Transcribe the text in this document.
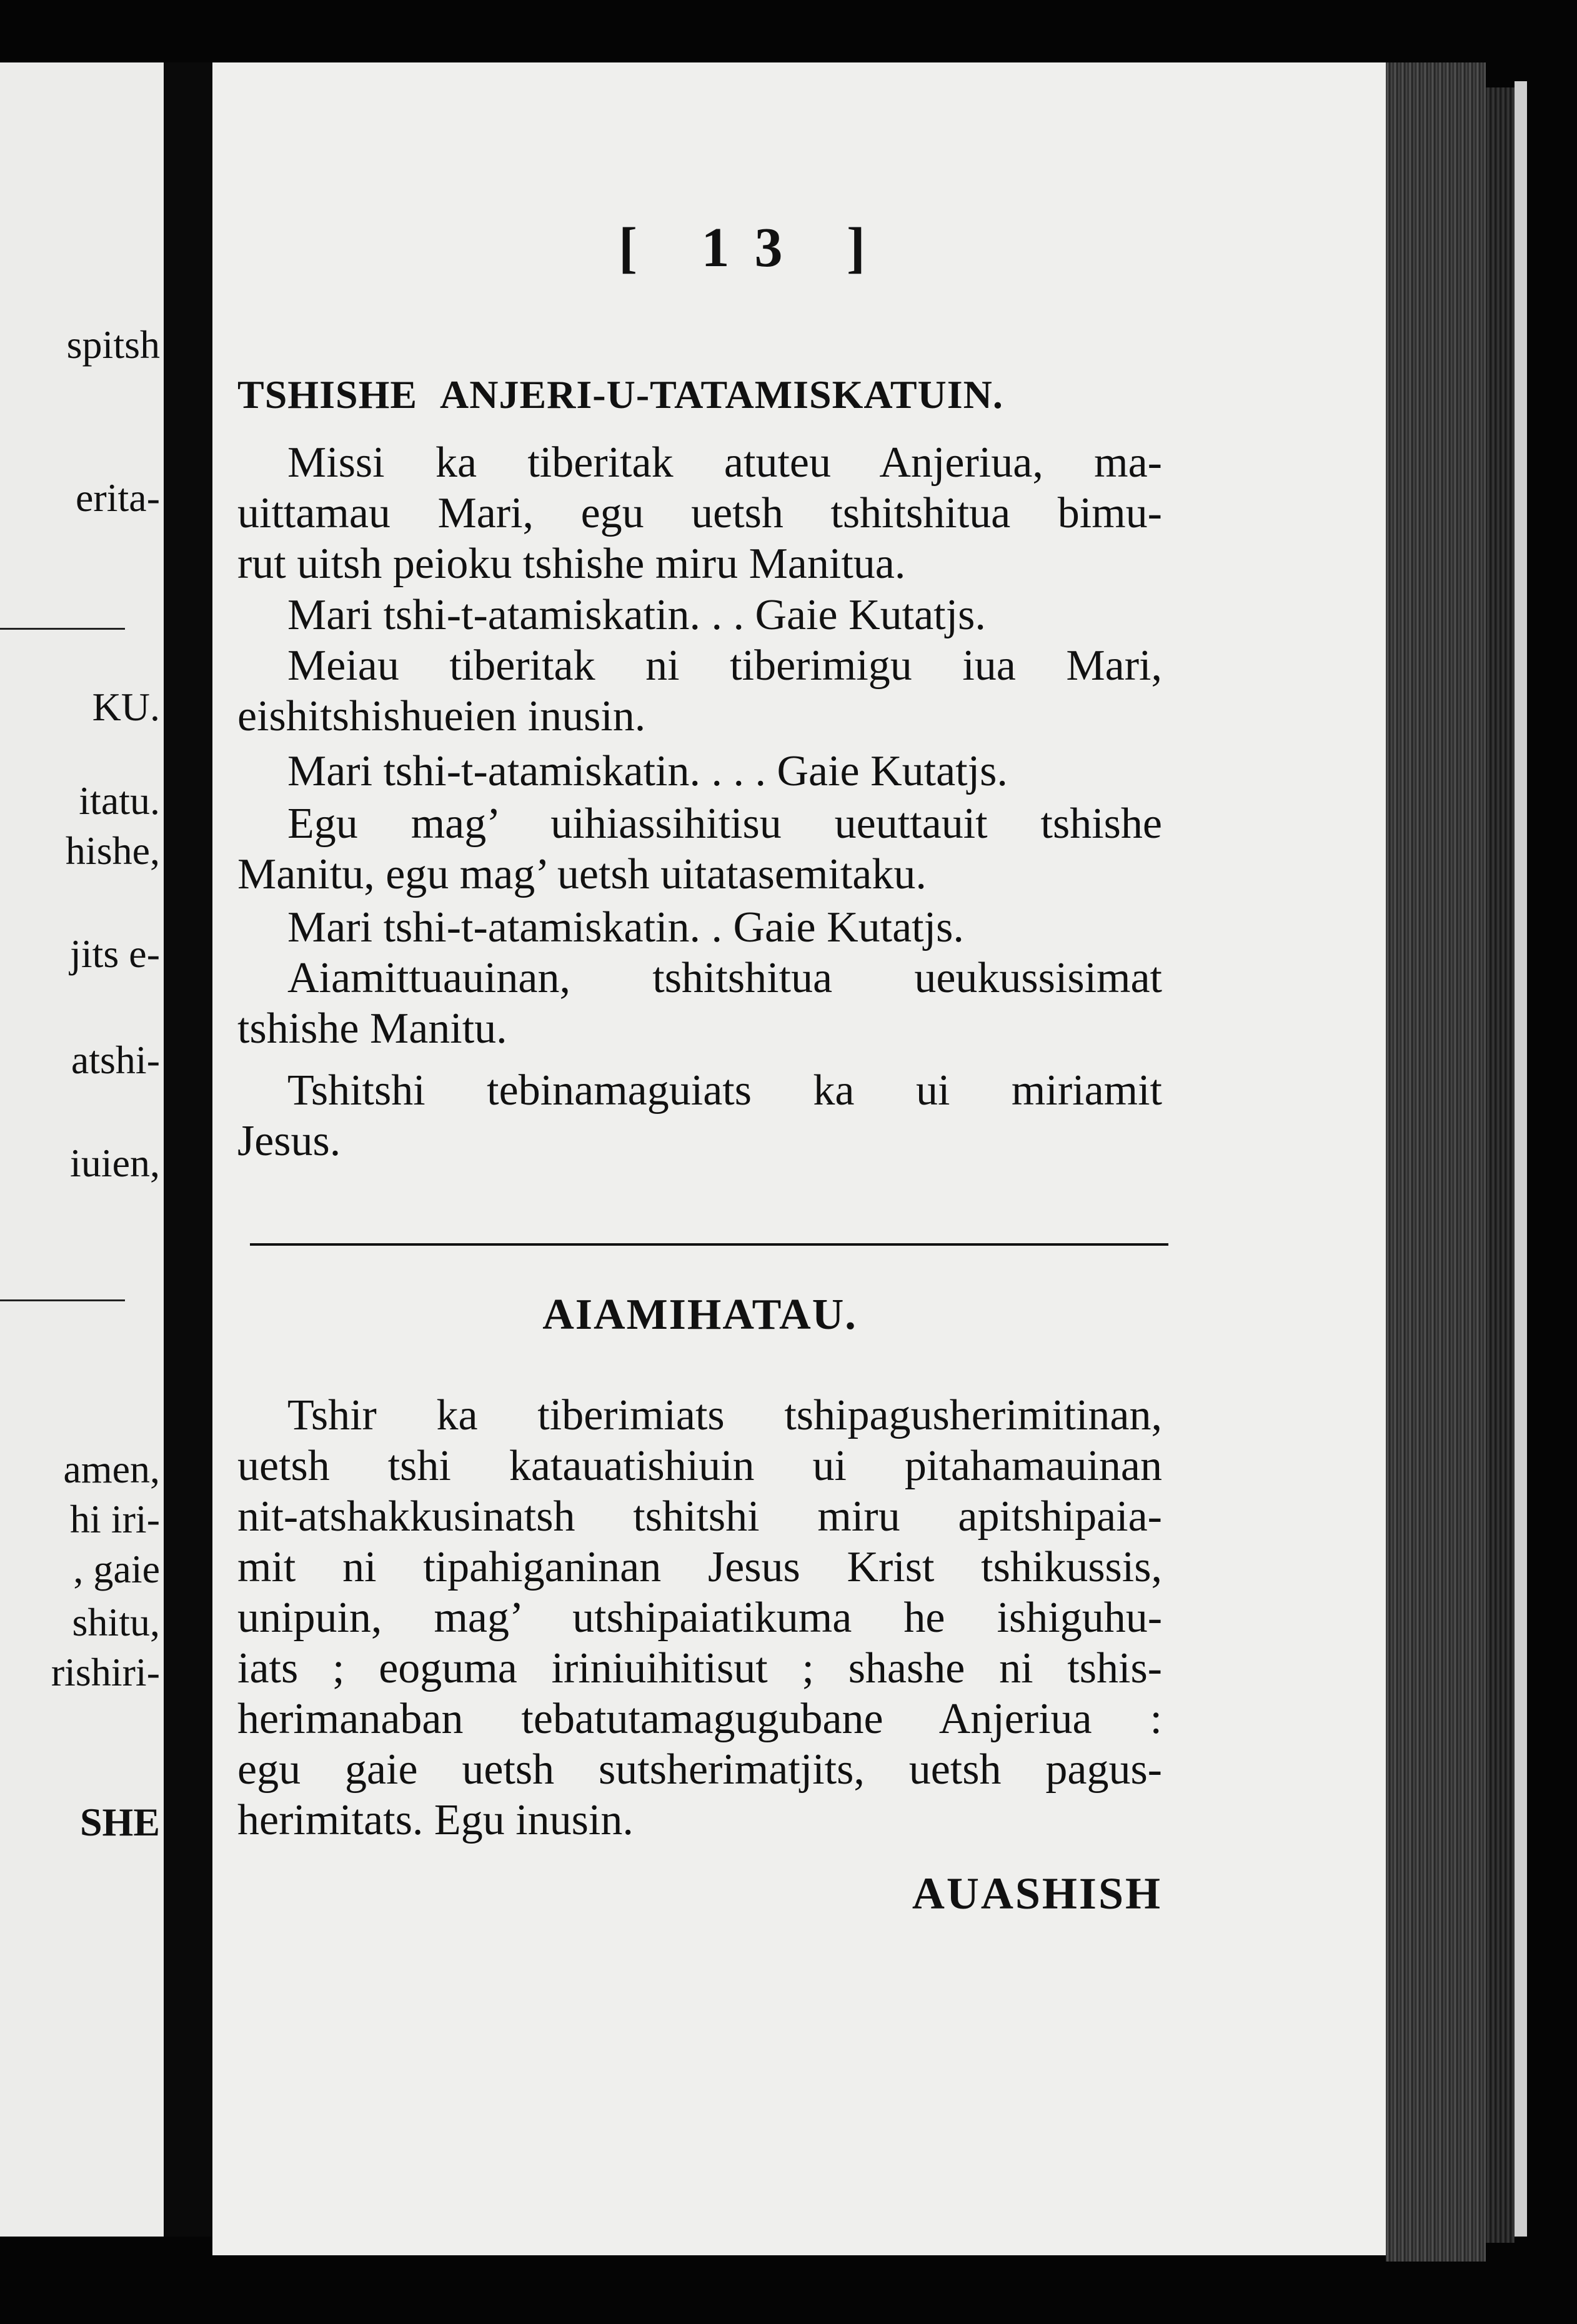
spitsh
erita-
KU.
itatu.
hishe,
jits e-
atshi-
iuien,
amen,
hi iri-
, gaie
shitu,
rishiri-
SHE
[ 13 ]
TSHISHE ANJERI-U-TATAMISKATUIN.
Missi ka tiberitak atuteu Anjeriua, ma-
uittamau Mari, egu uetsh tshitshitua bimu-
rut uitsh peioku tshishe miru Manitua.
Mari tshi-t-atamiskatin. . . Gaie Kutatjs.
Meiau tiberitak ni tiberimigu iua Mari,
eishitshishueien inusin.
Mari tshi-t-atamiskatin. . . . Gaie Kutatjs.
Egu mag’ uihiassihitisu ueuttauit tshishe
Manitu, egu mag’ uetsh uitatasemitaku.
Mari tshi-t-atamiskatin. . Gaie Kutatjs.
Aiamittuauinan, tshitshitua ueukussisimat
tshishe Manitu.
Tshitshi tebinamaguiats ka ui miriamit
Jesus.
AIAMIHATAU.
Tshir ka tiberimiats tshipagusherimitinan,
uetsh tshi katauatishiuin ui pitahamauinan
nit-atshakkusinatsh tshitshi miru apitshipaia-
mit ni tipahiganinan Jesus Krist tshikussis,
unipuin, mag’ utshipaiatikuma he ishiguhu-
iats ; eoguma iriniuihitisut ; shashe ni tshis-
herimanaban tebatutamagugubane Anjeriua :
egu gaie uetsh sutsherimatjits, uetsh pagus-
herimitats. Egu inusin.
AUASHISH
